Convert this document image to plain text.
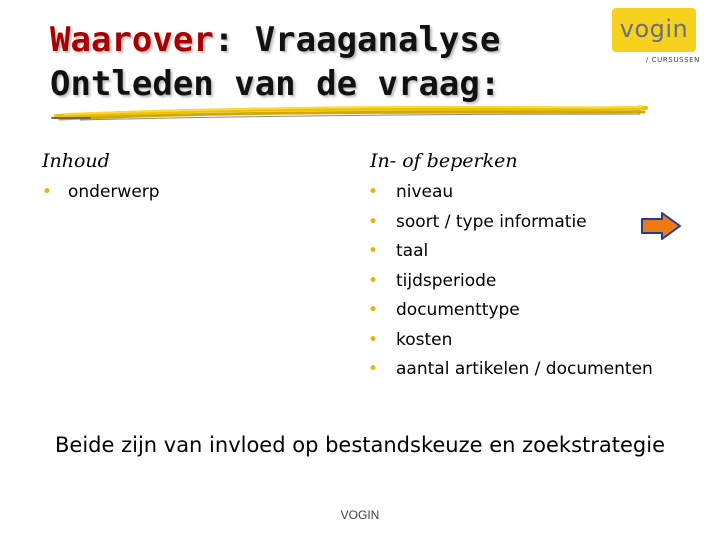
Waarover: Vraaganalyse
Ontleden van de vraag:
vogin
/ CURSUSSEN
Inhoud	In- of beperken
• onderwerp	• niveau
• soort / type informatie
• taal
• tijdsperiode
• documenttype
• kosten
• aantal artikelen / documenten
Beide zijn van invloed op bestandskeuze en zoekstrategie
VOGIN
